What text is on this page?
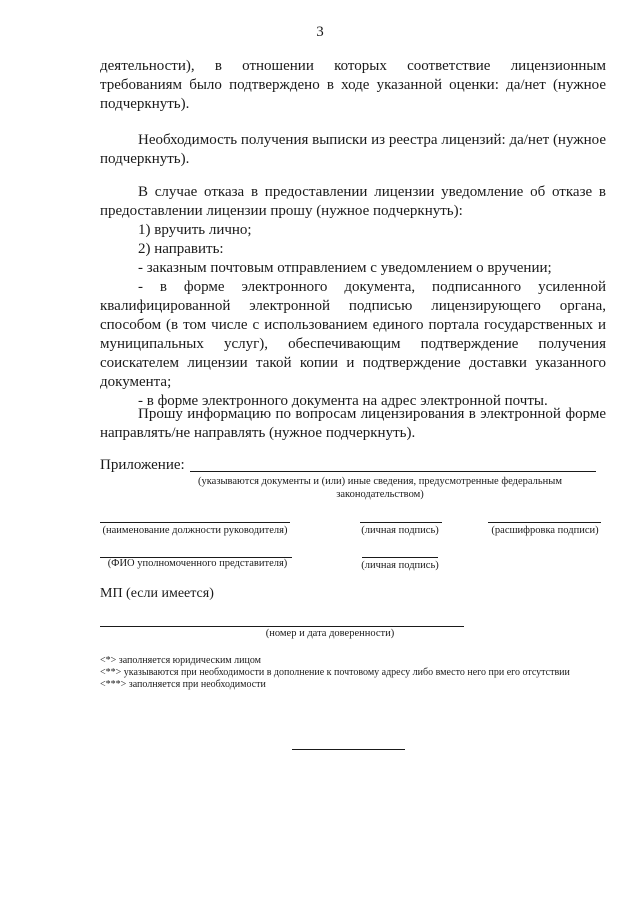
3

деятельности), в отношении которых соответствие лицензионным требованиям было подтверждено в ходе указанной оценки: да/нет (нужное подчеркнуть).

Необходимость получения выписки из реестра лицензий: да/нет (нужное подчеркнуть).

В случае отказа в предоставлении лицензии уведомление об отказе в предоставлении лицензии прошу (нужное подчеркнуть):

1) вручить лично;

2) направить:

- заказным почтовым отправлением с уведомлением о вручении;

- в форме электронного документа, подписанного усиленной квалифицированной электронной подписью лицензирующего органа, способом (в том числе с использованием единого портала государственных и муниципальных услуг), обеспечивающим подтверждение получения соискателем лицензии такой копии и подтверждение доставки указанного документа;

- в форме электронного документа на адрес электронной почты.

Прошу информацию по вопросам лицензирования в электронной форме направлять/не направлять (нужное подчеркнуть).

Приложение:
(указываются документы и (или) иные сведения, предусмотренные федеральным
законодательством)
(наименование должности руководителя)	(личная подпись)	(расшифровка подписи)
(ФИО уполномоченного представителя)	(личная подпись)
МП (если имеется)
(номер и дата доверенности)

<*> заполняется юридическим лицом

<**> указываются при необходимости в дополнение к почтовому адресу либо вместо него при его отсутствии

<***> заполняется при необходимости
